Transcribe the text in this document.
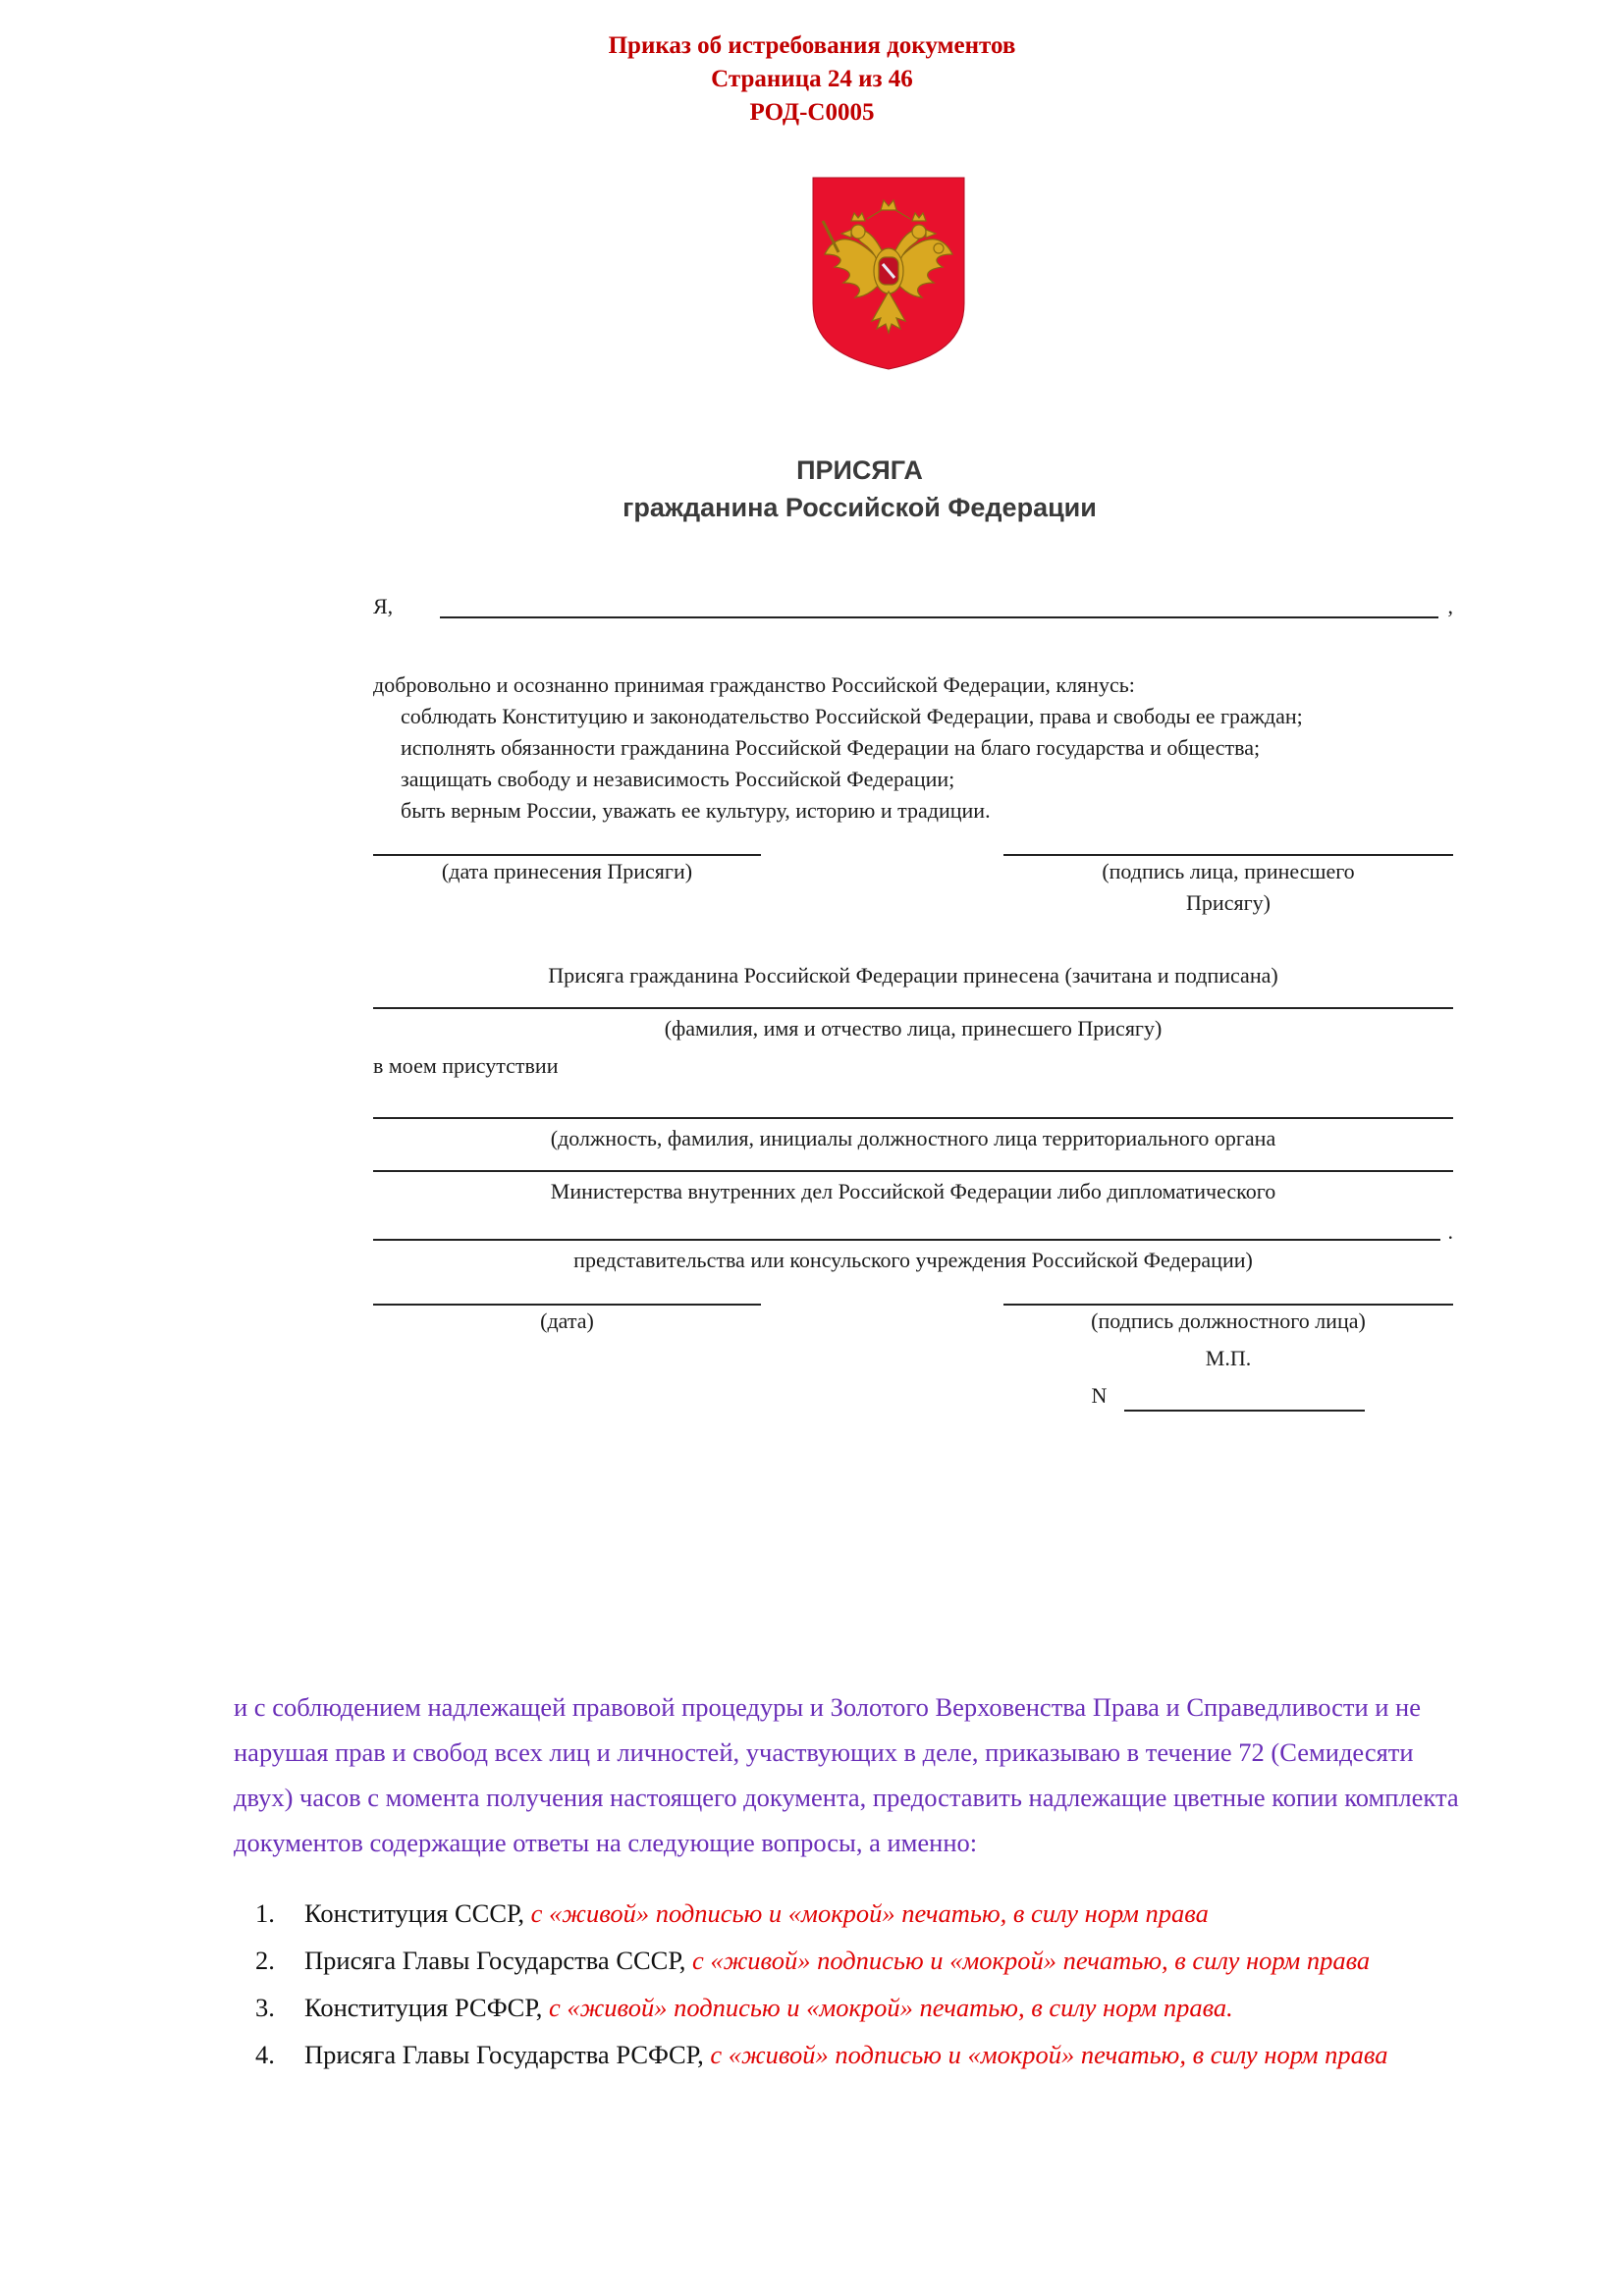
Приказ об истребования документов
Страница 24 из 46
РОД-С0005
ПРИСЯГА
гражданина Российской Федерации
Я,	,
добровольно и осознанно принимая гражданство Российской Федерации, клянусь:
соблюдать Конституцию и законодательство Российской Федерации, права и свободы ее граждан;
исполнять обязанности гражданина Российской Федерации на благо государства и общества;
защищать свободу и независимость Российской Федерации;
быть верным России, уважать ее культуру, историю и традиции.
(дата принесения Присяги)	(подпись лица, принесшего Присягу)
Присяга гражданина Российской Федерации принесена (зачитана и подписана)
(фамилия, имя и отчество лица, принесшего Присягу)
в моем присутствии
(должность, фамилия, инициалы должностного лица территориального органа
Министерства внутренних дел Российской Федерации либо дипломатического
.
представительства или консульского учреждения Российской Федерации)
(дата)	(подпись должностного лица)
М.П.
N
и с соблюдением надлежащей правовой процедуры и Золотого Верховенства Права и Справедливости и не нарушая прав и свобод всех лиц и личностей, участвующих в деле, приказываю в течение 72 (Семидесяти двух) часов с момента получения настоящего документа, предоставить надлежащие цветные копии комплекта документов содержащие ответы на следующие вопросы, а именно:
1. Конституция СССР, с «живой» подписью и «мокрой» печатью, в силу норм права
2. Присяга Главы Государства СССР, с «живой» подписью и «мокрой» печатью, в силу норм права
3. Конституция РСФСР, с «живой» подписью и «мокрой» печатью, в силу норм права.
4. Присяга Главы Государства РСФСР, с «живой» подписью и «мокрой» печатью, в силу норм права
